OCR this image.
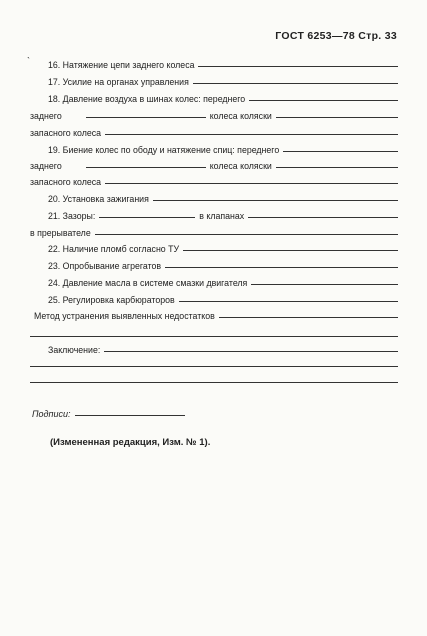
ГОСТ 6253—78 Стр. 33
` 16. Натяжение цепи заднего колеса
17. Усилие на органах управления
18. Давление воздуха в шинах колес: переднего
заднего	колеса коляски
запасного колеса
19. Биение колес по ободу и натяжение спиц: переднего
заднего	колеса коляски
запасного колеса
20. Установка зажигания
21. Зазоры:	в клапанах
в прерывателе
22. Наличие пломб согласно ТУ
23. Опробывание агрегатов
24. Давление масла в системе смазки двигателя
25. Регулировка карбюраторов
Метод устранения выявленных недостатков
Заключение:
Подписи:
(Измененная редакция, Изм. № 1).
